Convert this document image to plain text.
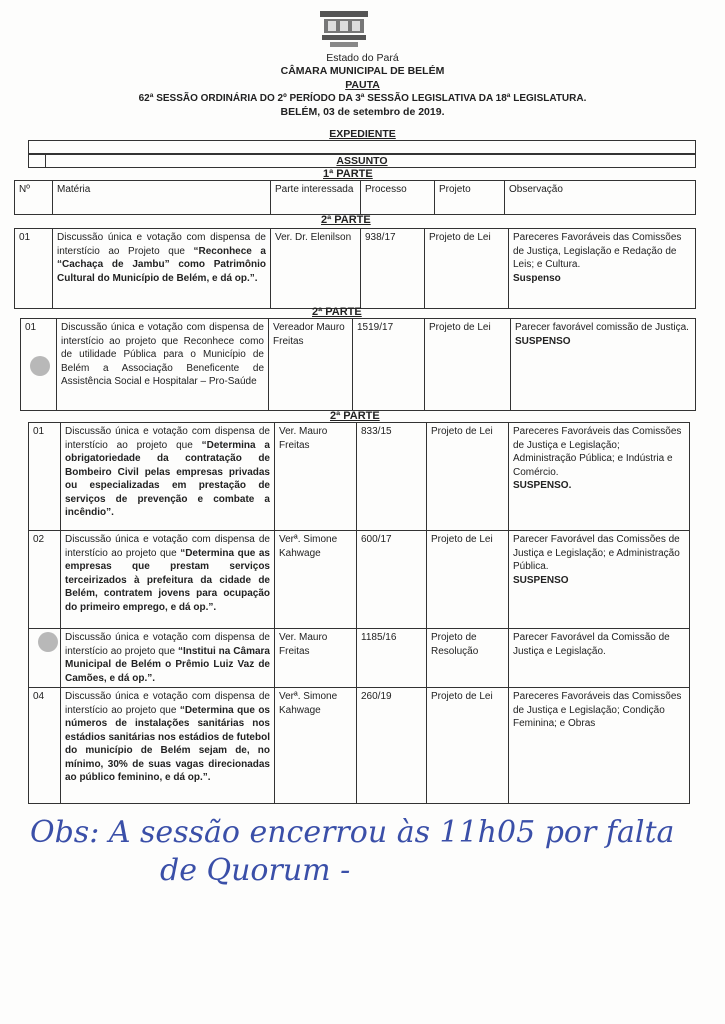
Estado do Pará
CÂMARA MUNICIPAL DE BELÉM
PAUTA
62ª SESSÃO ORDINÁRIA DO 2º PERÍODO DA 3ª SESSÃO LEGISLATIVA DA 18ª LEGISLATURA.
BELÉM, 03 de setembro de 2019.
EXPEDIENTE
ASSUNTO
1ª PARTE
Nº	Matéria	Parte interessada	Processo	Projeto	Observação
2ª PARTE
01	Discussão única e votação com dispensa de interstício ao Projeto que “Reconhece a “Cachaça de Jambu” como Patrimônio Cultural do Município de Belém, e dá op.”.	Ver. Dr. Elenilson	938/17	Projeto de Lei	Pareceres Favoráveis das Comissões de Justiça, Legislação e Redação de Leis; e Cultura.
Suspenso
2ª PARTE
01	Discussão única e votação com dispensa de interstício ao projeto que Reconhece como de utilidade Pública para o Município de Belém a Associação Beneficente de Assistência Social e Hospitalar – Pro-Saúde	Vereador Mauro Freitas	1519/17	Projeto de Lei	Parecer favorável comissão de Justiça.
SUSPENSO
2ª PARTE
01	Discussão única e votação com dispensa de interstício ao projeto que “Determina a obrigatoriedade da contratação de Bombeiro Civil pelas empresas privadas ou especializadas em prestação de serviços de prevenção e combate a incêndio”.	Ver. Mauro Freitas	833/15	Projeto de Lei	Pareceres Favoráveis das Comissões de Justiça e Legislação; Administração Pública; e Indústria e Comércio.
SUSPENSO.
02	Discussão única e votação com dispensa de interstício ao projeto que “Determina que as empresas que prestam serviços terceirizados à prefeitura da cidade de Belém, contratem jovens para ocupação do primeiro emprego, e dá op.”.	Verª. Simone Kahwage	600/17	Projeto de Lei	Parecer Favorável das Comissões de Justiça e Legislação; e Administração Pública.
SUSPENSO
	Discussão única e votação com dispensa de interstício ao projeto que “Institui na Câmara Municipal de Belém o Prêmio Luiz Vaz de Camões, e dá op.”.	Ver. Mauro Freitas	1185/16	Projeto de Resolução	Parecer Favorável da Comissão de Justiça e Legislação.
04	Discussão única e votação com dispensa de interstício ao projeto que “Determina que os números de instalações sanitárias nos estádios sanitárias nos estádios de futebol do município de Belém sejam de, no mínimo, 30% de suas vagas direcionadas ao público feminino, e dá op.”.	Verª. Simone Kahwage	260/19	Projeto de Lei	Pareceres Favoráveis das Comissões de Justiça e Legislação; Condição Feminina; e Obras
Obs: A sessão encerrou às 11h05 por falta de Quorum -
